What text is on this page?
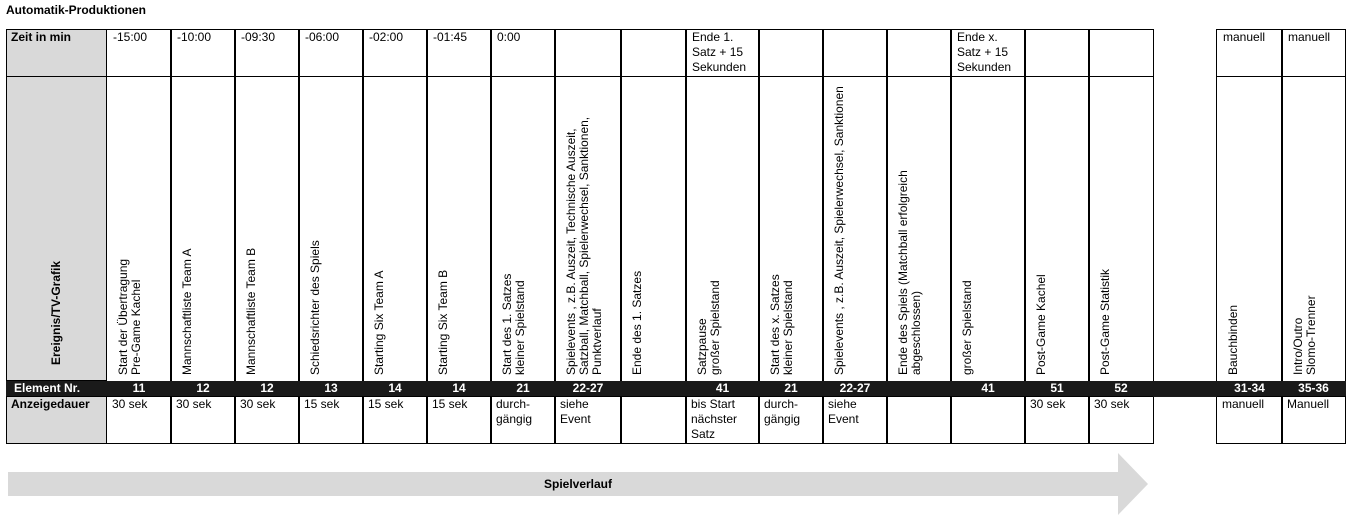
Automatik-Produktionen
Zeit in min
Ereignis/TV-Grafik
Element Nr.
Anzeigedauer
Spielverlauf
-15:00
Start der Übertragung
Pre-Game Kachel
11
30 sek
-10:00
Mannschaftliste Team A
12
30 sek
-09:30
Mannschaftliste Team B
12
30 sek
-06:00
Schiedsrichter des Spiels
13
15 sek
-02:00
Starting Six Team A
14
15 sek
-01:45
Starting Six Team B
14
15 sek
0:00
Start des 1. Satzes
kleiner Spielstand
21
durch-
gängig
Spielevents , z.B. Auszeit, Technische Auszeit, Satzball, Matchball, Spielerwechsel, Sanktionen, Punktverlauf
22-27
siehe
Event
Ende des 1. Satzes
Ende 1.
Satz + 15
Sekunden
Satzpause
großer Spielstand
41
bis Start
nächster
Satz
Start des x. Satzes
kleiner Spielstand
21
durch-
gängig
Spielevents , z.B. Auszeit, Spielerwechsel, Sanktionen
22-27
siehe
Event
Ende des Spiels (Matchball erfolgreich abgeschlossen)
Ende x.
Satz + 15
Sekunden
großer Spielstand
41
Post-Game Kachel
51
30 sek
Post-Game Statistik
52
30 sek
manuell
Bauchbinden
31-34
manuell
manuell
Intro/Outro
Slomo-Trenner
35-36
Manuell
